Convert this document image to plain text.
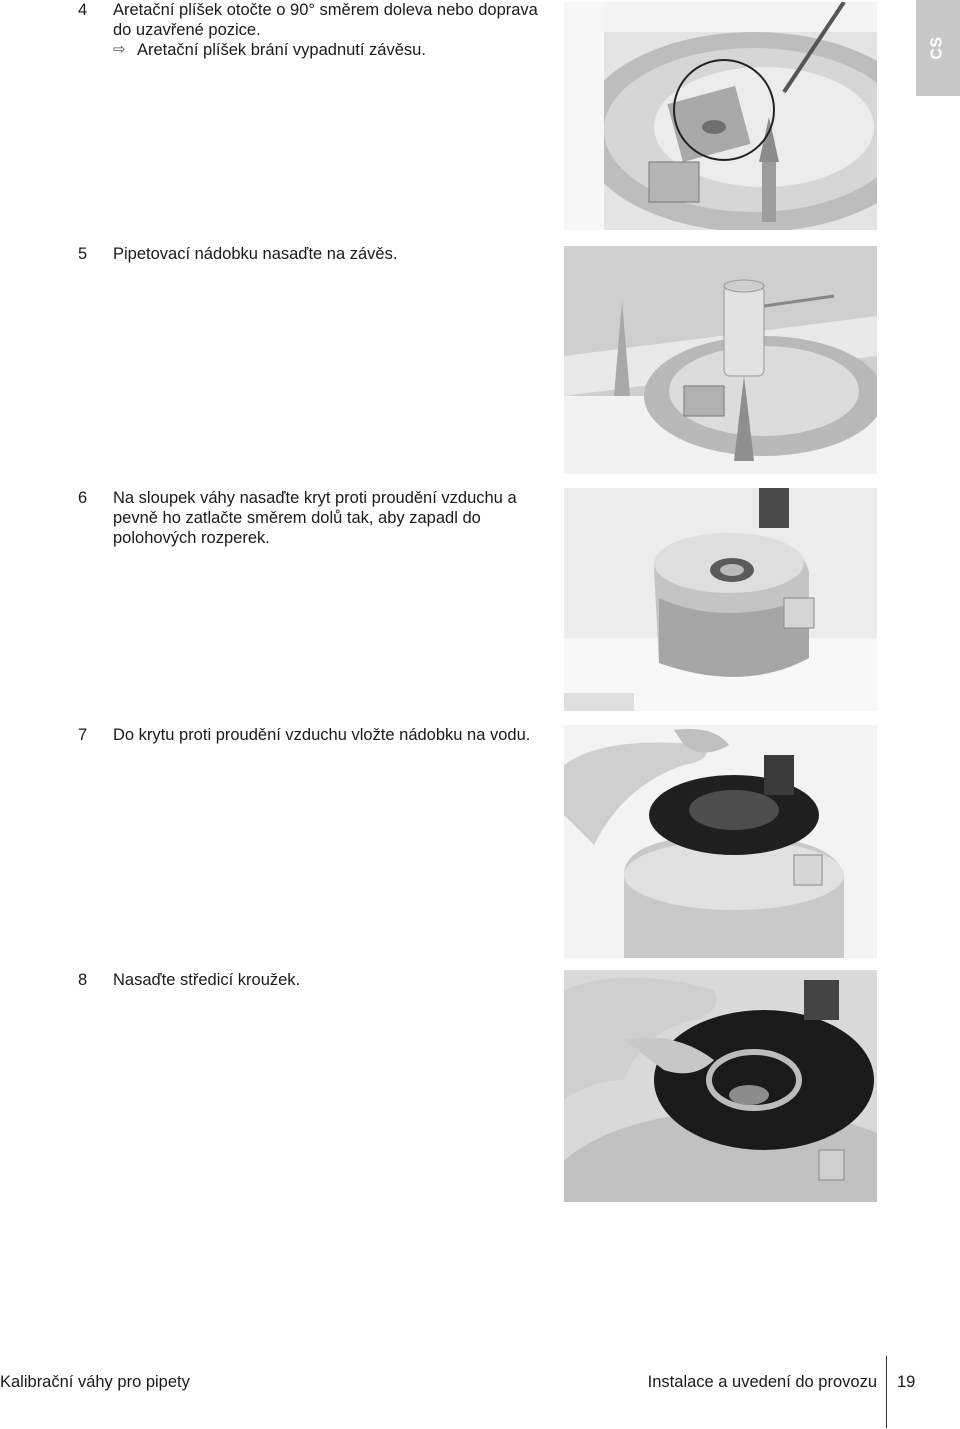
CS
4 Aretační plíšek otočte o 90° směrem doleva nebo doprava do uzavřené pozice.
⇨ Aretační plíšek brání vypadnutí závěsu.
5 Pipetovací nádobku nasaďte na závěs.
6 Na sloupek váhy nasaďte kryt proti proudění vzduchu a pevně ho zatlačte směrem dolů tak, aby zapadl do polohových rozperek.
7 Do krytu proti proudění vzduchu vložte nádobku na vodu.
8 Nasaďte středicí kroužek.
Kalibrační váhy pro pipety	Instalace a uvedení do provozu 19
